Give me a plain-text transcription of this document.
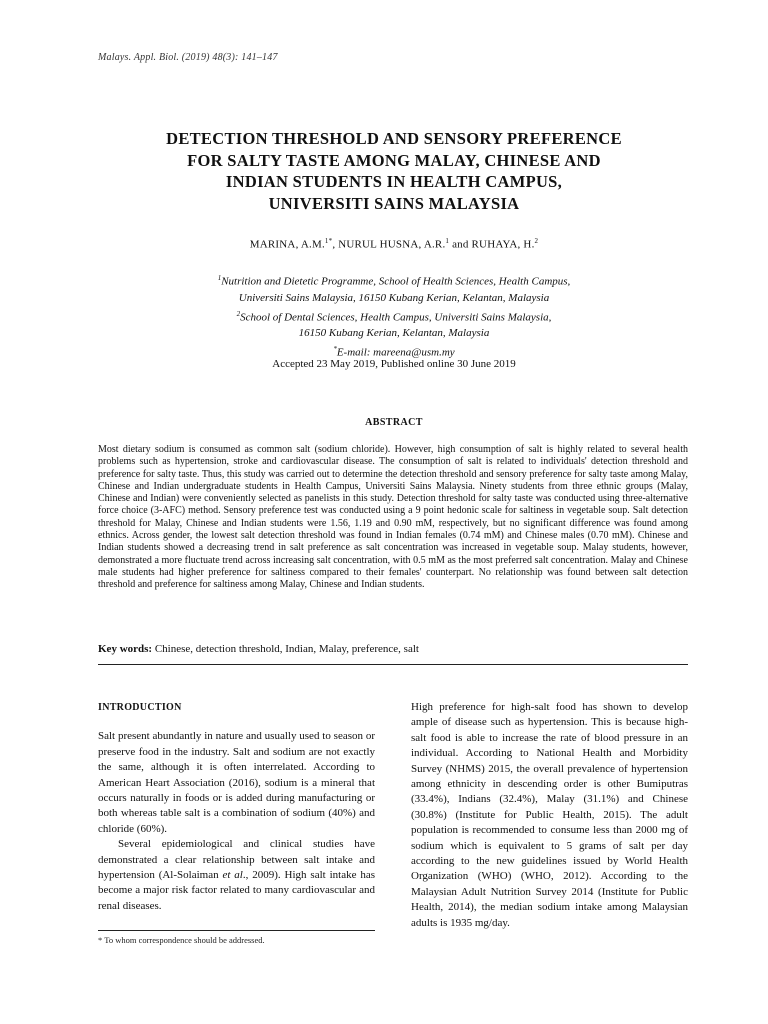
Malays. Appl. Biol. (2019) 48(3): 141–147
DETECTION THRESHOLD AND SENSORY PREFERENCE
FOR SALTY TASTE AMONG MALAY, CHINESE AND
INDIAN STUDENTS IN HEALTH CAMPUS,
UNIVERSITI SAINS MALAYSIA
MARINA, A.M.$^{1*}$, NURUL HUSNA, A.R.$^1$ and RUHAYA, H.$^2$
$^1$Nutrition and Dietetic Programme, School of Health Sciences, Health Campus,
Universiti Sains Malaysia, 16150 Kubang Kerian, Kelantan, Malaysia
$^2$School of Dental Sciences, Health Campus, Universiti Sains Malaysia,
16150 Kubang Kerian, Kelantan, Malaysia
*E-mail: mareena@usm.my
Accepted 23 May 2019, Published online 30 June 2019
ABSTRACT

Most dietary sodium is consumed as common salt (sodium chloride). However, high consumption of salt is highly related to several health problems such as hypertension, stroke and cardiovascular disease. The consumption of salt is related to individuals' detection threshold and preference for salty taste. Thus, this study was carried out to determine the detection threshold and sensory preference for salty taste among Malay, Chinese and Indian undergraduate students in Health Campus, Universiti Sains Malaysia. Ninety students from three ethnic groups (Malay, Chinese and Indian) were conveniently selected as panelists in this study. Detection threshold for salty taste was conducted using three-alternative force choice (3-AFC) method. Sensory preference test was conducted using a 9 point hedonic scale for saltiness in vegetable soup. Salt detection threshold for Malay, Chinese and Indian students were 1.56, 1.19 and 0.90 mM, respectively, but no significant difference was found among ethnics. Across gender, the lowest salt detection threshold was found in Indian females (0.74 mM) and Chinese males (0.70 mM). Chinese and Indian students showed a decreasing trend in salt preference as salt concentration was increased in vegetable soup. Malay students, however, demonstrated a more fluctuate trend across increasing salt concentration, with 0.5 mM as the most preferred salt concentration. Malay and Chinese male students had higher preference for saltiness compared to their females' counterpart. No relationship was found between salt detection threshold and preference for saltiness among Malay, Chinese and Indian students.

Key words: Chinese, detection threshold, Indian, Malay, preference, salt
INTRODUCTION

Salt present abundantly in nature and usually used to season or preserve food in the industry. Salt and sodium are not exactly the same, although it is often interrelated. According to American Heart Association (2016), sodium is a mineral that occurs naturally in foods or is added during manufacturing or both whereas table salt is a combination of sodium (40%) and chloride (60%).

Several epidemiological and clinical studies have demonstrated a clear relationship between salt intake and hypertension (Al-Solaiman et al., 2009). High salt intake has become a major risk factor related to many cardiovascular and renal diseases.

* To whom correspondence should be addressed.

High preference for high-salt food has shown to develop ample of disease such as hypertension. This is because high-salt food is able to increase the rate of blood pressure in an individual. According to National Health and Morbidity Survey (NHMS) 2015, the overall prevalence of hypertension among ethnicity in descending order is other Bumiputras (33.4%), Indians (32.4%), Malay (31.1%) and Chinese (30.8%) (Institute for Public Health, 2015). The adult population is recommended to consume less than 2000 mg of sodium which is equivalent to 5 grams of salt per day according to the new guidelines issued by World Health Organization (WHO) (WHO, 2012). According to the Malaysian Adult Nutrition Survey 2014 (Institute for Public Health, 2014), the median sodium intake among Malaysian adults is 1935 mg/day.
